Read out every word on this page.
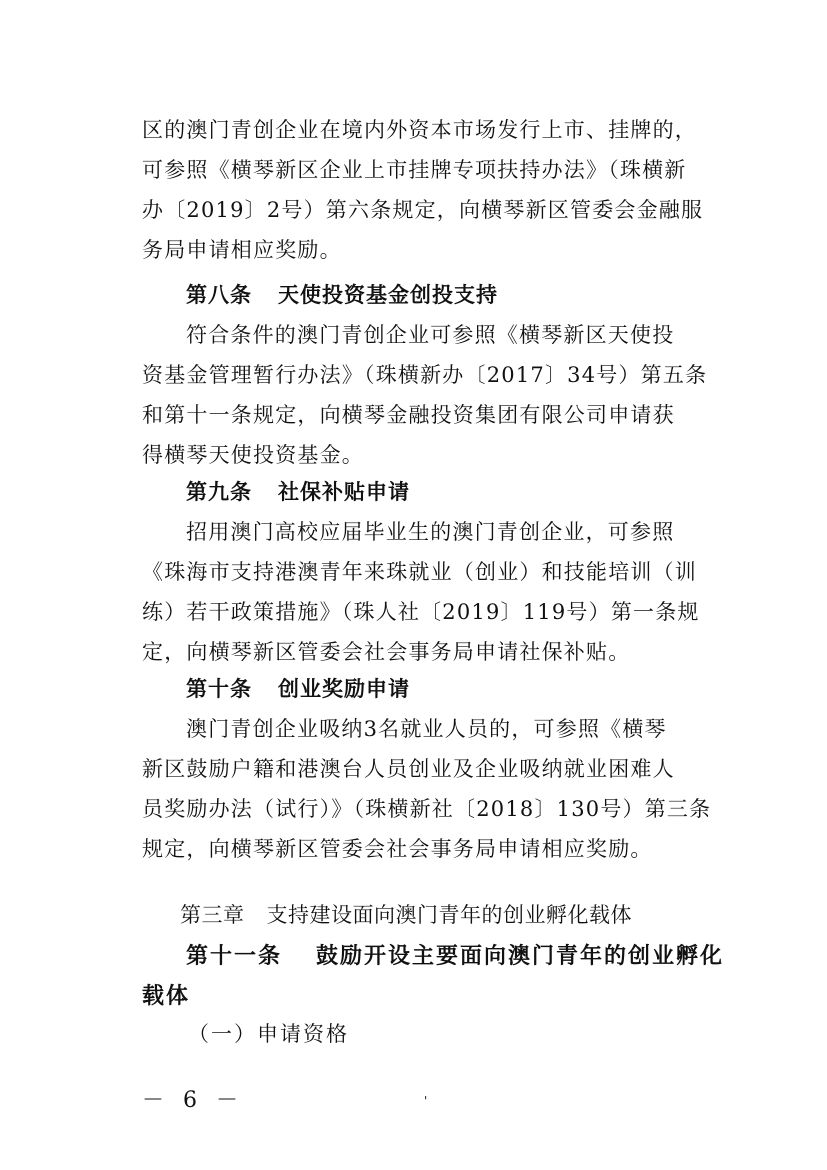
区的澳门青创企业在境内外资本市场发行上市、挂牌的，
可参照《横琴新区企业上市挂牌专项扶持办法》（珠横新
办〔2019〕2号）第六条规定，向横琴新区管委会金融服
务局申请相应奖励。
第八条 天使投资基金创投支持
符合条件的澳门青创企业可参照《横琴新区天使投
资基金管理暂行办法》（珠横新办〔2017〕34号）第五条
和第十一条规定，向横琴金融投资集团有限公司申请获
得横琴天使投资基金。
第九条 社保补贴申请
招用澳门高校应届毕业生的澳门青创企业，可参照
《珠海市支持港澳青年来珠就业（创业）和技能培训（训
练）若干政策措施》（珠人社〔2019〕119号）第一条规
定，向横琴新区管委会社会事务局申请社保补贴。
第十条 创业奖励申请
澳门青创企业吸纳3名就业人员的，可参照《横琴
新区鼓励户籍和港澳台人员创业及企业吸纳就业困难人
员奖励办法（试行）》（珠横新社〔2018〕130号）第三条
规定，向横琴新区管委会社会事务局申请相应奖励。
第三章 支持建设面向澳门青年的创业孵化载体
第十一条 鼓励开设主要面向澳门青年的创业孵化
载体
（一）申请资格
－ 6 －	'
